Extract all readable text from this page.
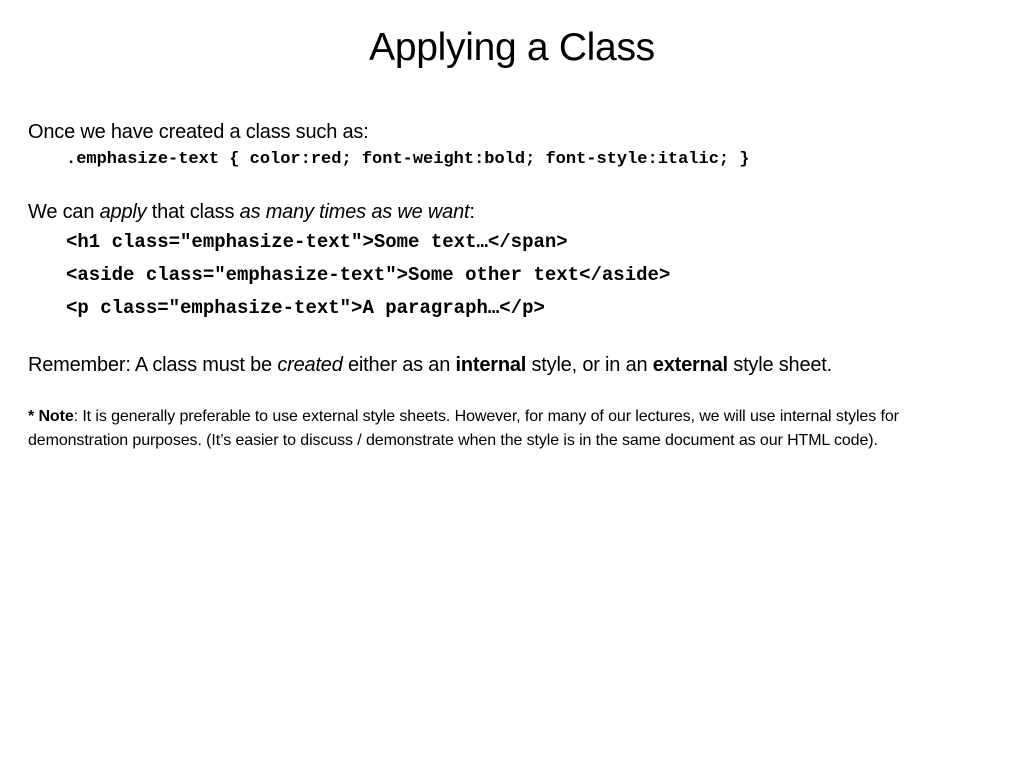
Applying a Class
Once we have created a class such as:
.emphasize-text { color:red; font-weight:bold; font-style:italic; }
We can apply that class as many times as we want:
<h1 class="emphasize-text">Some text…</span>
<aside class="emphasize-text">Some other text</aside>
<p class="emphasize-text">A paragraph…</p>
Remember: A class must be created either as an internal style, or in an external style sheet.
* Note: It is generally preferable to use external style sheets. However, for many of our lectures, we will use internal styles for demonstration purposes. (It’s easier to discuss / demonstrate when the style is in the same document as our HTML code).
